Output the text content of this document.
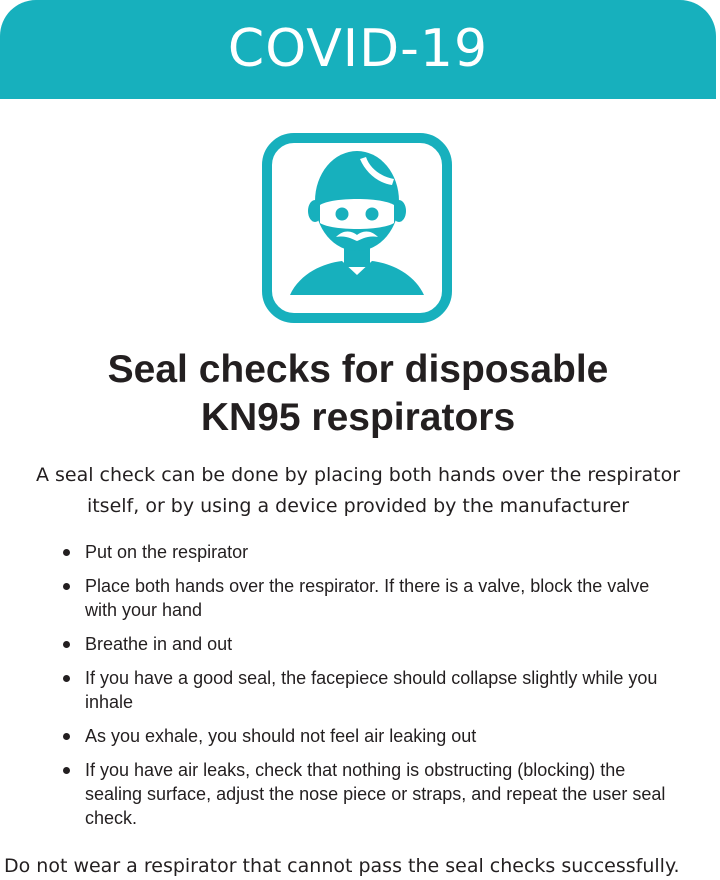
COVID-19
Seal checks for disposable
KN95 respirators

A seal check can be done by placing both hands over the respirator
itself, or by using a device provided by the manufacturer

Put on the respirator
Place both hands over the respirator. If there is a valve, block the valve with your hand
Breathe in and out
If you have a good seal, the facepiece should collapse slightly while you inhale
As you exhale, you should not feel air leaking out
If you have air leaks, check that nothing is obstructing (blocking) the sealing surface, adjust the nose piece or straps, and repeat the user seal check.

Do not wear a respirator that cannot pass the seal checks successfully.
